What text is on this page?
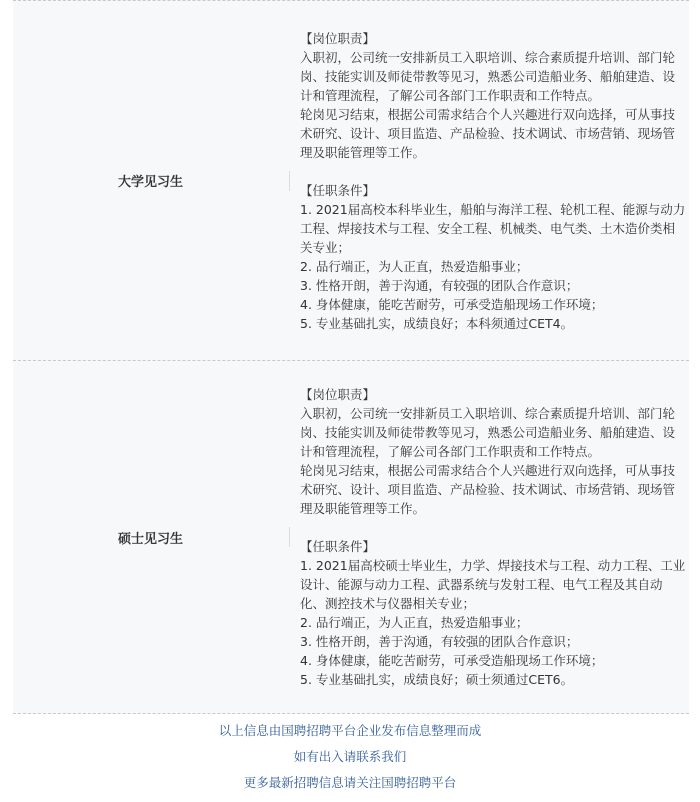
大学见习生

【岗位职责】

入职初，公司统一安排新员工入职培训、综合素质提升培训、部门轮岗、技能实训及师徒带教等见习，熟悉公司造船业务、船舶建造、设计和管理流程，了解公司各部门工作职责和工作特点。

轮岗见习结束，根据公司需求结合个人兴趣进行双向选择，可从事技术研究、设计、项目监造、产品检验、技术调试、市场营销、现场管理及职能管理等工作。

【任职条件】

1. 2021届高校本科毕业生，船舶与海洋工程、轮机工程、能源与动力工程、焊接技术与工程、安全工程、机械类、电气类、土木造价类相关专业；

2. 品行端正，为人正直，热爱造船事业；

3. 性格开朗，善于沟通，有较强的团队合作意识；

4. 身体健康，能吃苦耐劳，可承受造船现场工作环境；

5. 专业基础扎实，成绩良好；本科须通过CET4。

硕士见习生

【岗位职责】

入职初，公司统一安排新员工入职培训、综合素质提升培训、部门轮岗、技能实训及师徒带教等见习，熟悉公司造船业务、船舶建造、设计和管理流程，了解公司各部门工作职责和工作特点。

轮岗见习结束，根据公司需求结合个人兴趣进行双向选择，可从事技术研究、设计、项目监造、产品检验、技术调试、市场营销、现场管理及职能管理等工作。

【任职条件】

1. 2021届高校硕士毕业生，力学、焊接技术与工程、动力工程、工业设计、能源与动力工程、武器系统与发射工程、电气工程及其自动化、测控技术与仪器相关专业；

2. 品行端正，为人正直，热爱造船事业；

3. 性格开朗，善于沟通，有较强的团队合作意识；

4. 身体健康，能吃苦耐劳，可承受造船现场工作环境；

5. 专业基础扎实，成绩良好；硕士须通过CET6。

以上信息由国聘招聘平台企业发布信息整理而成
如有出入请联系我们
更多最新招聘信息请关注国聘招聘平台
